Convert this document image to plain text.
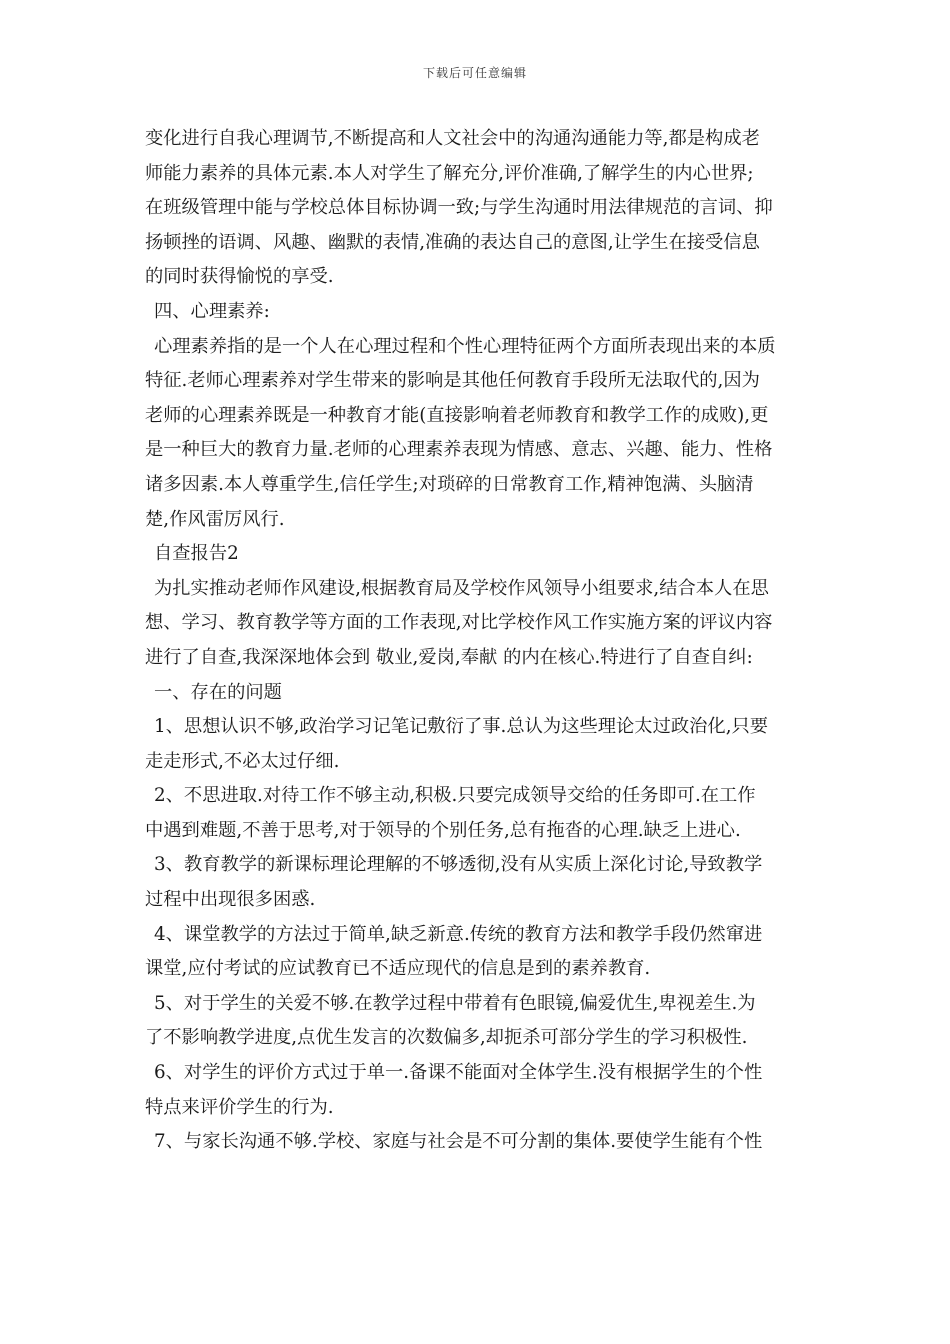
下载后可任意编辑
变化进行自我心理调节,不断提高和人文社会中的沟通沟通能力等,都是构成老
师能力素养的具体元素.本人对学生了解充分,评价准确,了解学生的内心世界;
在班级管理中能与学校总体目标协调一致;与学生沟通时用法律规范的言词、抑
扬顿挫的语调、风趣、幽默的表情,准确的表达自己的意图,让学生在接受信息
的同时获得愉悦的享受.
四、心理素养:
心理素养指的是一个人在心理过程和个性心理特征两个方面所表现出来的本质
特征.老师心理素养对学生带来的影响是其他任何教育手段所无法取代的,因为
老师的心理素养既是一种教育才能(直接影响着老师教育和教学工作的成败),更
是一种巨大的教育力量.老师的心理素养表现为情感、意志、兴趣、能力、性格
诸多因素.本人尊重学生,信任学生;对琐碎的日常教育工作,精神饱满、头脑清
楚,作风雷厉风行.
自查报告2
为扎实推动老师作风建设,根据教育局及学校作风领导小组要求,结合本人在思
想、学习、教育教学等方面的工作表现,对比学校作风工作实施方案的评议内容
进行了自查,我深深地体会到 敬业,爱岗,奉献 的内在核心.特进行了自查自纠:
一、存在的问题
1、思想认识不够,政治学习记笔记敷衍了事.总认为这些理论太过政治化,只要
走走形式,不必太过仔细.
2、不思进取.对待工作不够主动,积极.只要完成领导交给的任务即可.在工作
中遇到难题,不善于思考,对于领导的个别任务,总有拖沓的心理.缺乏上进心.
3、教育教学的新课标理论理解的不够透彻,没有从实质上深化讨论,导致教学
过程中出现很多困惑.
4、课堂教学的方法过于简单,缺乏新意.传统的教育方法和教学手段仍然窜进
课堂,应付考试的应试教育已不适应现代的信息是到的素养教育.
5、对于学生的关爱不够.在教学过程中带着有色眼镜,偏爱优生,卑视差生.为
了不影响教学进度,点优生发言的次数偏多,却扼杀可部分学生的学习积极性.
6、对学生的评价方式过于单一.备课不能面对全体学生.没有根据学生的个性
特点来评价学生的行为.
7、与家长沟通不够.学校、家庭与社会是不可分割的集体.要使学生能有个性
